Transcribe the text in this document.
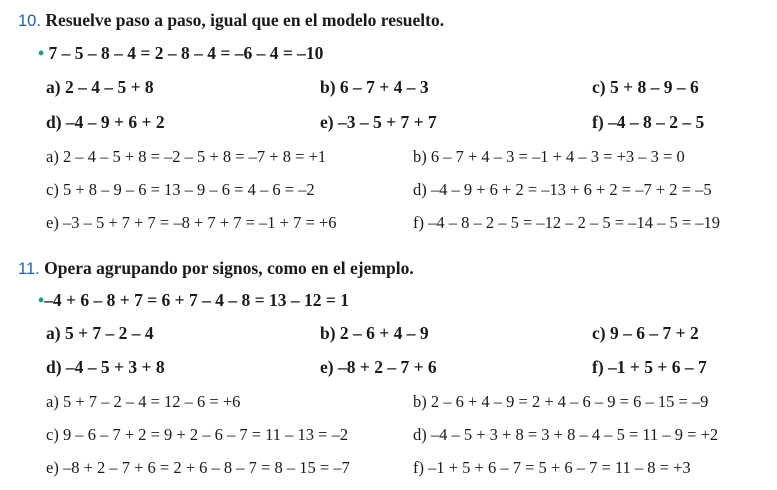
10. Resuelve paso a paso, igual que en el modelo resuelto.
• 7 – 5 – 8 – 4 = 2 – 8 – 4 = –6 – 4 = –10
a) 2 – 4 – 5 + 8	b) 6 – 7 + 4 – 3	c) 5 + 8 – 9 – 6
d) –4 – 9 + 6 + 2	e) –3 – 5 + 7 + 7	f) –4 – 8 – 2 – 5
a) 2 – 4 – 5 + 8 = –2 – 5 + 8 = –7 + 8 = +1	b) 6 – 7 + 4 – 3 = –1 + 4 – 3 = +3 – 3 = 0
c) 5 + 8 – 9 – 6 = 13 – 9 – 6 = 4 – 6 = –2	d) –4 – 9 + 6 + 2 = –13 + 6 + 2 = –7 + 2 = –5
e) –3 – 5 + 7 + 7 = –8 + 7 + 7 = –1 + 7 = +6	f) –4 – 8 – 2 – 5 = –12 – 2 – 5 = –14 – 5 = –19
11. Opera agrupando por signos, como en el ejemplo.
•–4 + 6 – 8 + 7 = 6 + 7 – 4 – 8 = 13 – 12 = 1
a) 5 + 7 – 2 – 4	b) 2 – 6 + 4 – 9	c) 9 – 6 – 7 + 2
d) –4 – 5 + 3 + 8	e) –8 + 2 – 7 + 6	f) –1 + 5 + 6 – 7
a) 5 + 7 – 2 – 4 = 12 – 6 = +6	b) 2 – 6 + 4 – 9 = 2 + 4 – 6 – 9 = 6 – 15 = –9
c) 9 – 6 – 7 + 2 = 9 + 2 – 6 – 7 = 11 – 13 = –2	d) –4 – 5 + 3 + 8 = 3 + 8 – 4 – 5 = 11 – 9 = +2
e) –8 + 2 – 7 + 6 = 2 + 6 – 8 – 7 = 8 – 15 = –7	f) –1 + 5 + 6 – 7 = 5 + 6 – 7 = 11 – 8 = +3
